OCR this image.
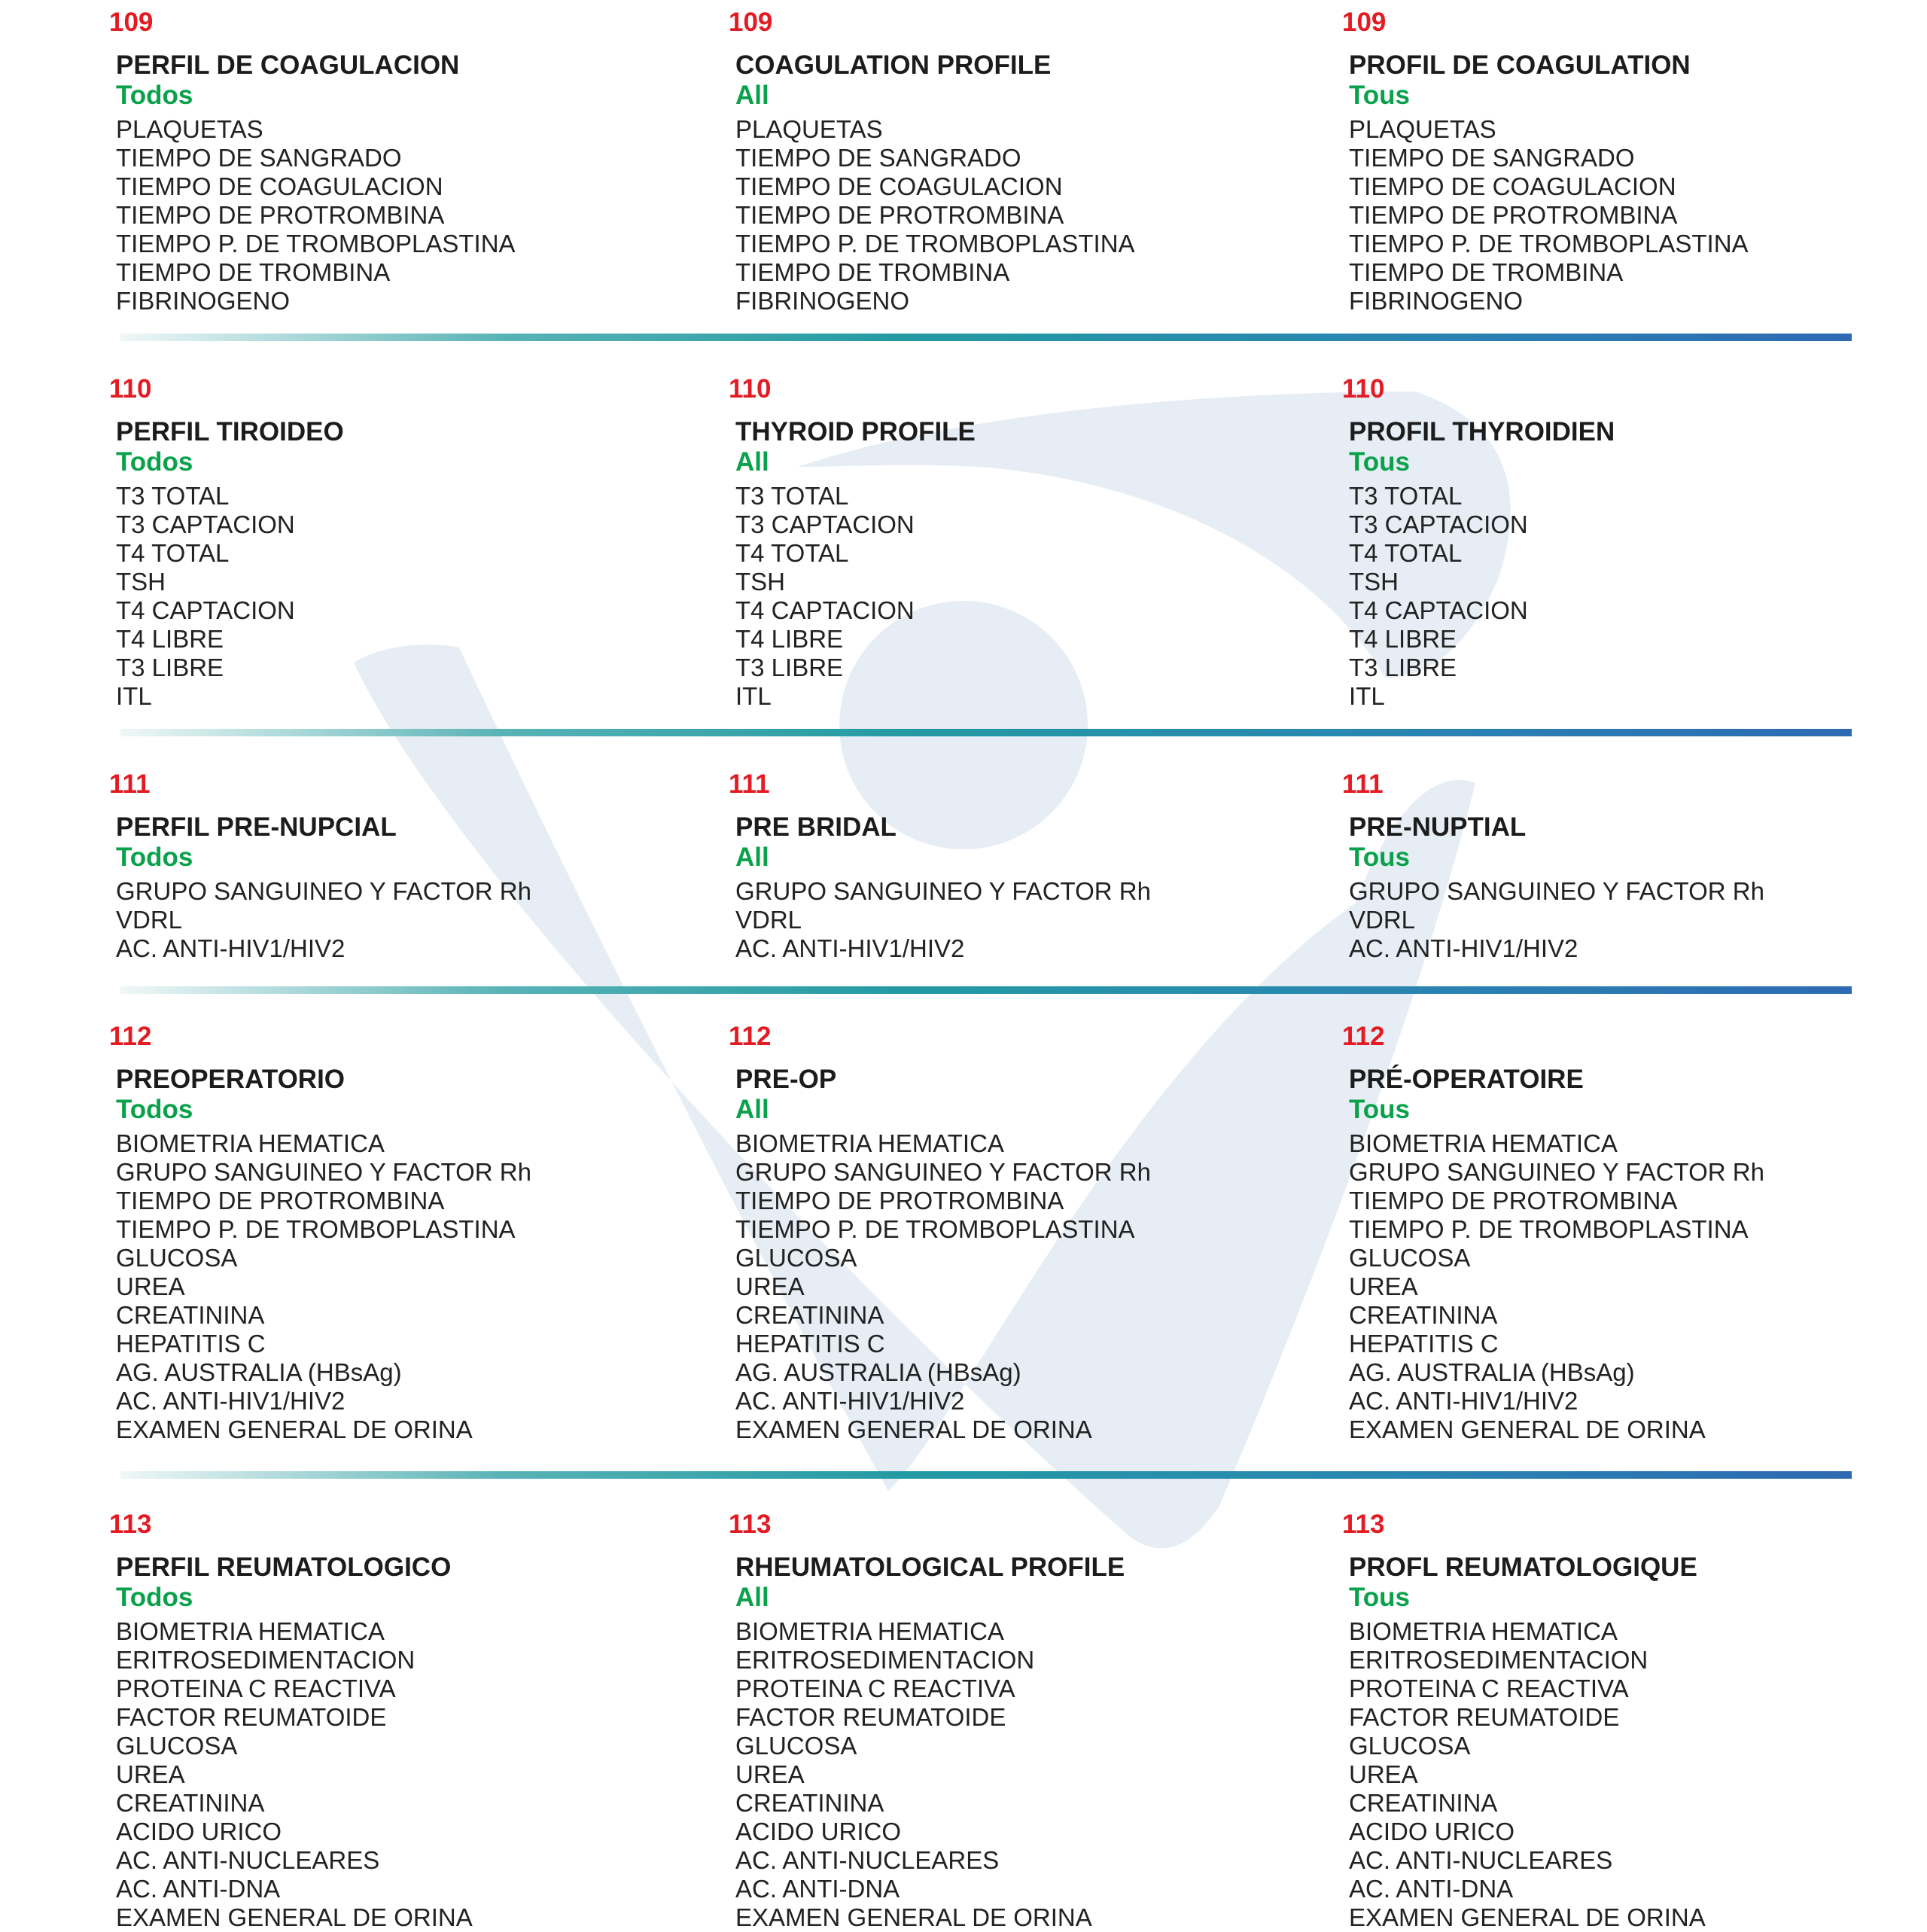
109
PERFIL DE COAGULACION
Todos
PLAQUETAS
TIEMPO DE SANGRADO
TIEMPO DE COAGULACION
TIEMPO DE PROTROMBINA
TIEMPO P. DE TROMBOPLASTINA
TIEMPO DE TROMBINA
FIBRINOGENO
109
COAGULATION PROFILE
All
PLAQUETAS
TIEMPO DE SANGRADO
TIEMPO DE COAGULACION
TIEMPO DE PROTROMBINA
TIEMPO P. DE TROMBOPLASTINA
TIEMPO DE TROMBINA
FIBRINOGENO
109
PROFIL DE COAGULATION
Tous
PLAQUETAS
TIEMPO DE SANGRADO
TIEMPO DE COAGULACION
TIEMPO DE PROTROMBINA
TIEMPO P. DE TROMBOPLASTINA
TIEMPO DE TROMBINA
FIBRINOGENO
110
PERFIL TIROIDEO
Todos
T3 TOTAL
T3 CAPTACION
T4 TOTAL
TSH
T4 CAPTACION
T4 LIBRE
T3 LIBRE
ITL
110
THYROID PROFILE
All
T3 TOTAL
T3 CAPTACION
T4 TOTAL
TSH
T4 CAPTACION
T4 LIBRE
T3 LIBRE
ITL
110
PROFIL THYROIDIEN
Tous
T3 TOTAL
T3 CAPTACION
T4 TOTAL
TSH
T4 CAPTACION
T4 LIBRE
T3 LIBRE
ITL
111
PERFIL PRE-NUPCIAL
Todos
GRUPO SANGUINEO Y FACTOR Rh
VDRL
AC. ANTI-HIV1/HIV2
111
PRE BRIDAL
All
GRUPO SANGUINEO Y FACTOR Rh
VDRL
AC. ANTI-HIV1/HIV2
111
PRE-NUPTIAL
Tous
GRUPO SANGUINEO Y FACTOR Rh
VDRL
AC. ANTI-HIV1/HIV2
112
PREOPERATORIO
Todos
BIOMETRIA HEMATICA
GRUPO SANGUINEO Y FACTOR Rh
TIEMPO DE PROTROMBINA
TIEMPO P. DE TROMBOPLASTINA
GLUCOSA
UREA
CREATININA
HEPATITIS C
AG. AUSTRALIA (HBsAg)
AC. ANTI-HIV1/HIV2
EXAMEN GENERAL DE ORINA
112
PRE-OP
All
BIOMETRIA HEMATICA
GRUPO SANGUINEO Y FACTOR Rh
TIEMPO DE PROTROMBINA
TIEMPO P. DE TROMBOPLASTINA
GLUCOSA
UREA
CREATININA
HEPATITIS C
AG. AUSTRALIA (HBsAg)
AC. ANTI-HIV1/HIV2
EXAMEN GENERAL DE ORINA
112
PRÉ-OPERATOIRE
Tous
BIOMETRIA HEMATICA
GRUPO SANGUINEO Y FACTOR Rh
TIEMPO DE PROTROMBINA
TIEMPO P. DE TROMBOPLASTINA
GLUCOSA
UREA
CREATININA
HEPATITIS C
AG. AUSTRALIA (HBsAg)
AC. ANTI-HIV1/HIV2
EXAMEN GENERAL DE ORINA
113
PERFIL REUMATOLOGICO
Todos
BIOMETRIA HEMATICA
ERITROSEDIMENTACION
PROTEINA C REACTIVA
FACTOR REUMATOIDE
GLUCOSA
UREA
CREATININA
ACIDO URICO
AC. ANTI-NUCLEARES
AC. ANTI-DNA
EXAMEN GENERAL DE ORINA
113
RHEUMATOLOGICAL PROFILE
All
BIOMETRIA HEMATICA
ERITROSEDIMENTACION
PROTEINA C REACTIVA
FACTOR REUMATOIDE
GLUCOSA
UREA
CREATININA
ACIDO URICO
AC. ANTI-NUCLEARES
AC. ANTI-DNA
EXAMEN GENERAL DE ORINA
113
PROFL REUMATOLOGIQUE
Tous
BIOMETRIA HEMATICA
ERITROSEDIMENTACION
PROTEINA C REACTIVA
FACTOR REUMATOIDE
GLUCOSA
UREA
CREATININA
ACIDO URICO
AC. ANTI-NUCLEARES
AC. ANTI-DNA
EXAMEN GENERAL DE ORINA
